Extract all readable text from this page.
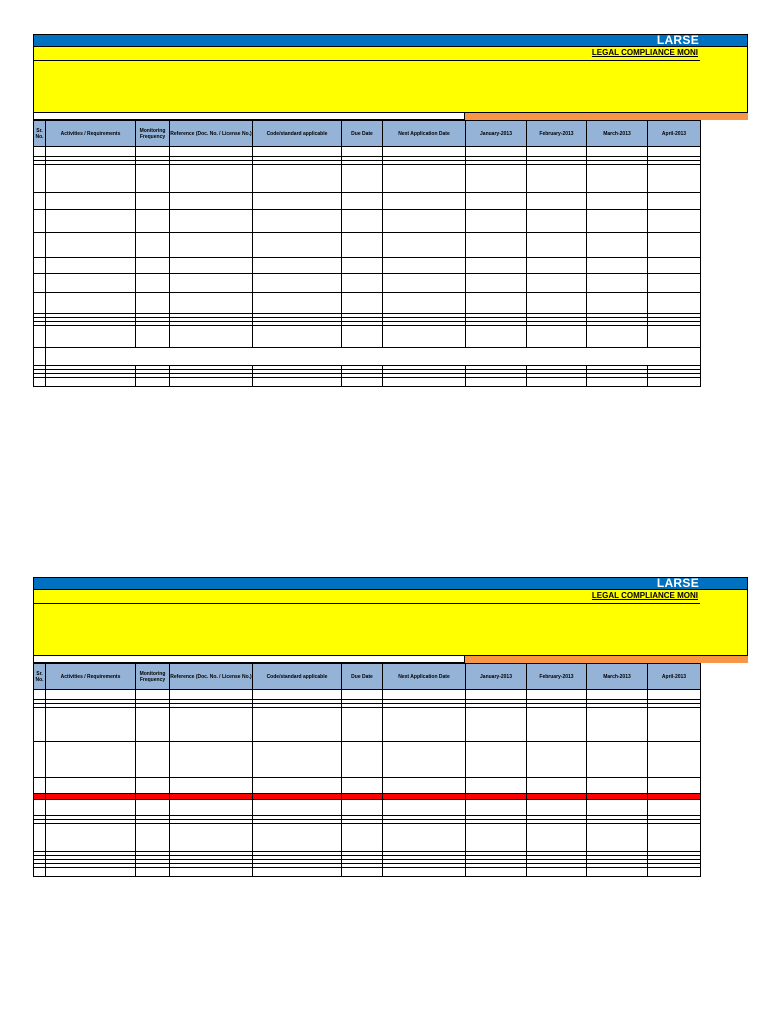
LARSE
LEGAL COMPLIANCE MONI
Sr. No.	Activities / Requirements	Monitoring Frequency	Reference (Doc. No. / License No.)	Code/standard applicable	Due Date	Next Application Date	January-2013	February-2013	March-2013	April-2013

LARSE
LEGAL COMPLIANCE MONI
Sr. No.	Activities / Requirements	Monitoring Frequency	Reference (Doc. No. / License No.)	Code/standard applicable	Due Date	Next Application Date	January-2013	February-2013	March-2013	April-2013
